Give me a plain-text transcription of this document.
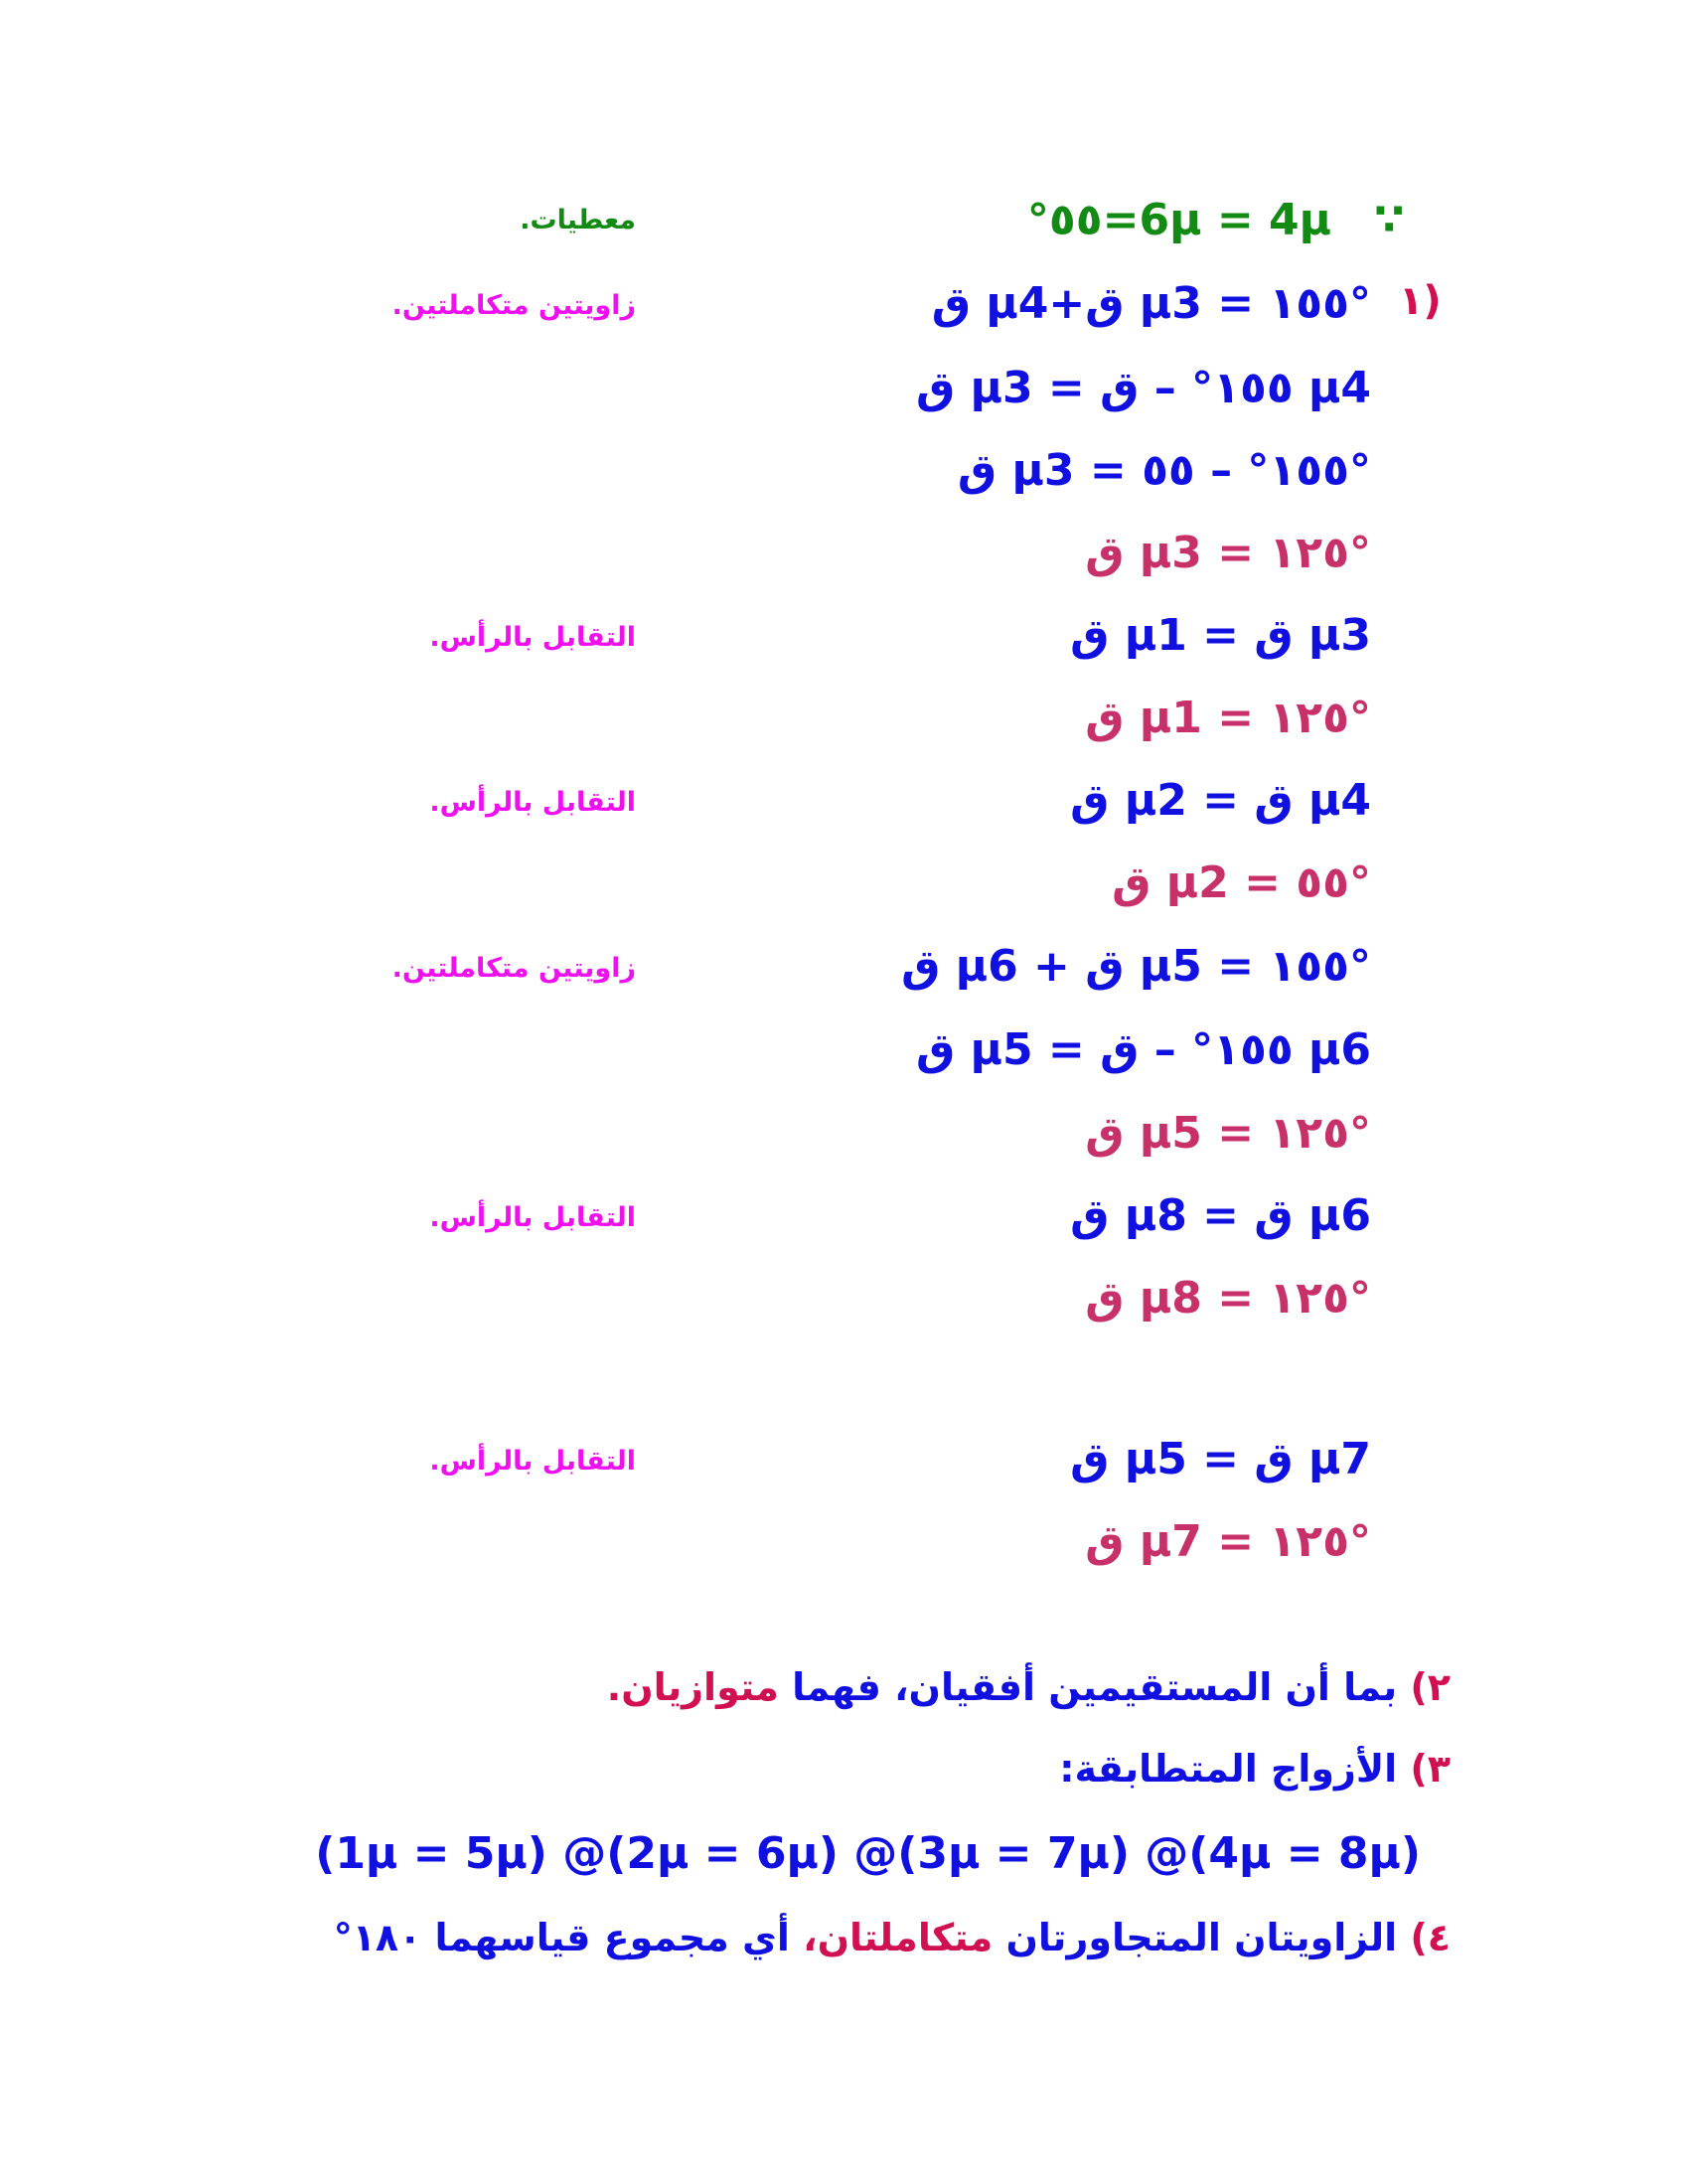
∵
°٥٥=6µ = 4µ
معطيات.
١)
ق µ4+ق µ3 = ١٥٥°
زاويتين متكاملتين.
ق µ3 = ١٥٥° – ق µ4
ق µ3 = ١٥٥° – ٥٥°
ق µ3 = ١٢٥°
ق µ1 = ق µ3
التقابل بالرأس.
ق µ1 = ١٢٥°
ق µ2 = ق µ4
التقابل بالرأس.
ق µ2 = ٥٥°
ق µ6 + ق µ5 = ١٥٥°
زاويتين متكاملتين.
ق µ5 = ١٥٥° – ق µ6
ق µ5 = ١٢٥°
ق µ8 = ق µ6
التقابل بالرأس.
ق µ8 = ١٢٥°
ق µ5 = ق µ7
التقابل بالرأس.
ق µ7 = ١٢٥°
٢) بما أن المستقيمين أفقيان، فهما متوازيان.
٣) الأزواج المتطابقة:
(1µ = 5µ) @(2µ = 6µ) @(3µ = 7µ) @(4µ = 8µ)
٤) الزاويتان المتجاورتان متكاملتان، أي مجموع قياسهما ١٨٠°
